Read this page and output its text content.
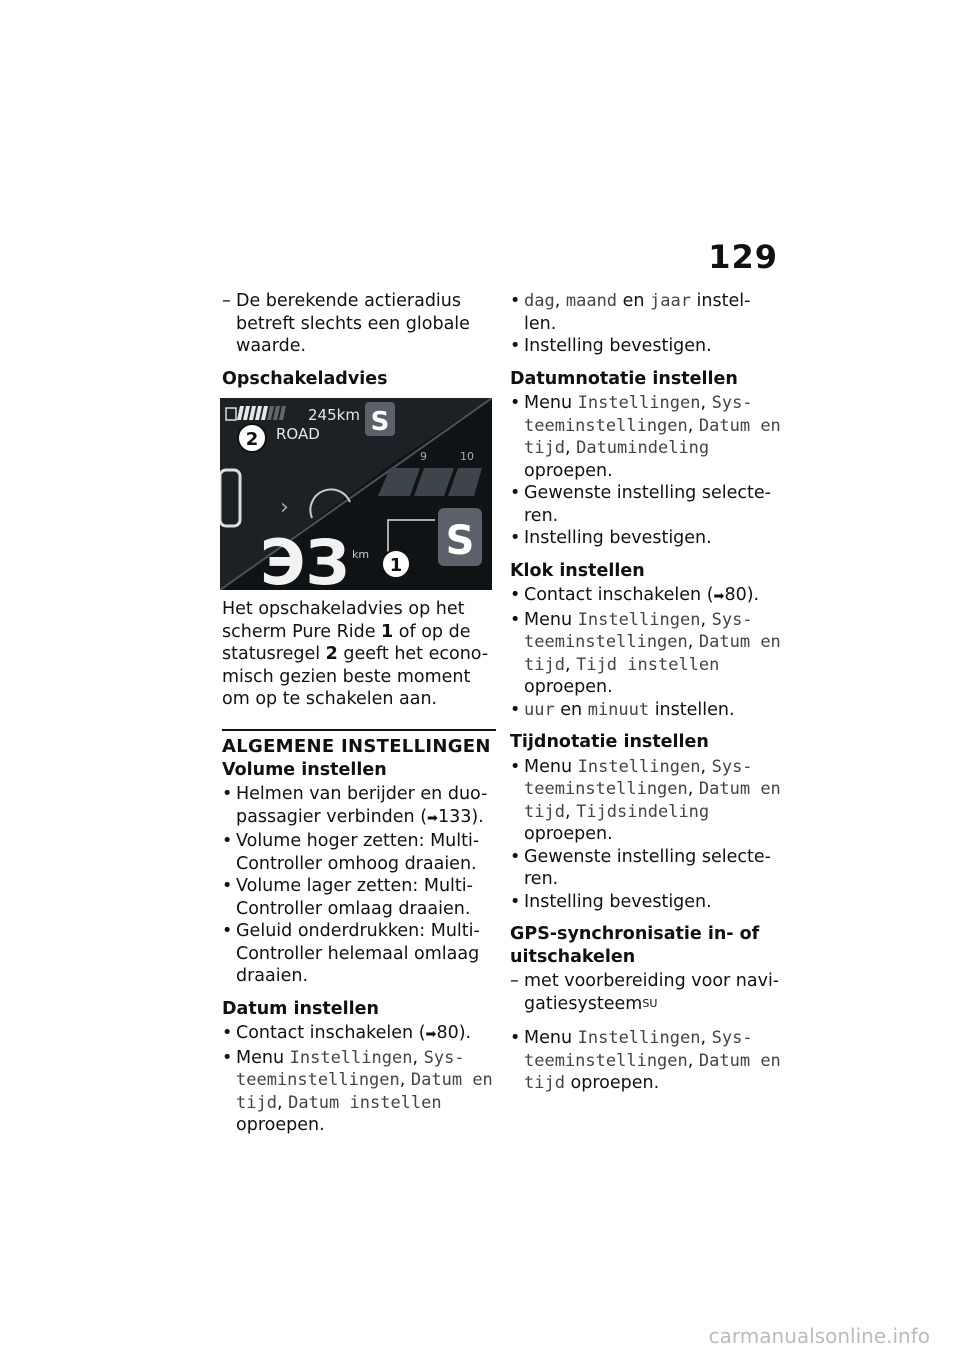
129

– De berekende actieradius betreft slechts een globale waarde.

Opschakeladvies
245km
ROAD S
2
9	10
›
ЭЗ km S
1

Het opschakeladvies op het scherm Pure Ride 1 of op de statusregel 2 geeft het econo-misch gezien beste moment om op te schakelen aan.

ALGEMENE INSTELLINGEN
Volume instellen

• Helmen van berijder en duo-passagier verbinden (➡133).

• Volume hoger zetten: Multi-Controller omhoog draaien.

• Volume lager zetten: Multi-Controller omlaag draaien.

• Geluid onderdrukken: Multi-Controller helemaal omlaag draaien.

Datum instellen

• Contact inschakelen (➡80).

• Menu Instellingen, Sys-teeminstellingen, Datum en tijd, Datum instellen oproepen.

• dag, maand en jaar instel-len.

• Instelling bevestigen.

Datumnotatie instellen

• Menu Instellingen, Sys-teeminstellingen, Datum en tijd, Datumindeling oproepen.

• Gewenste instelling selecte-ren.

• Instelling bevestigen.

Klok instellen

• Contact inschakelen (➡80).

• Menu Instellingen, Sys-teeminstellingen, Datum en tijd, Tijd instellen oproepen.

• uur en minuut instellen.

Tijdnotatie instellen

• Menu Instellingen, Sys-teeminstellingen, Datum en tijd, Tijdsindeling oproepen.

• Gewenste instelling selecte-ren.

• Instelling bevestigen.

GPS-synchronisatie in- of uitschakelen

– met voorbereiding voor navi-gatiesysteem$^{SU}$

• Menu Instellingen, Sys-teeminstellingen, Datum en tijd oproepen.

carmanualsonline.info
